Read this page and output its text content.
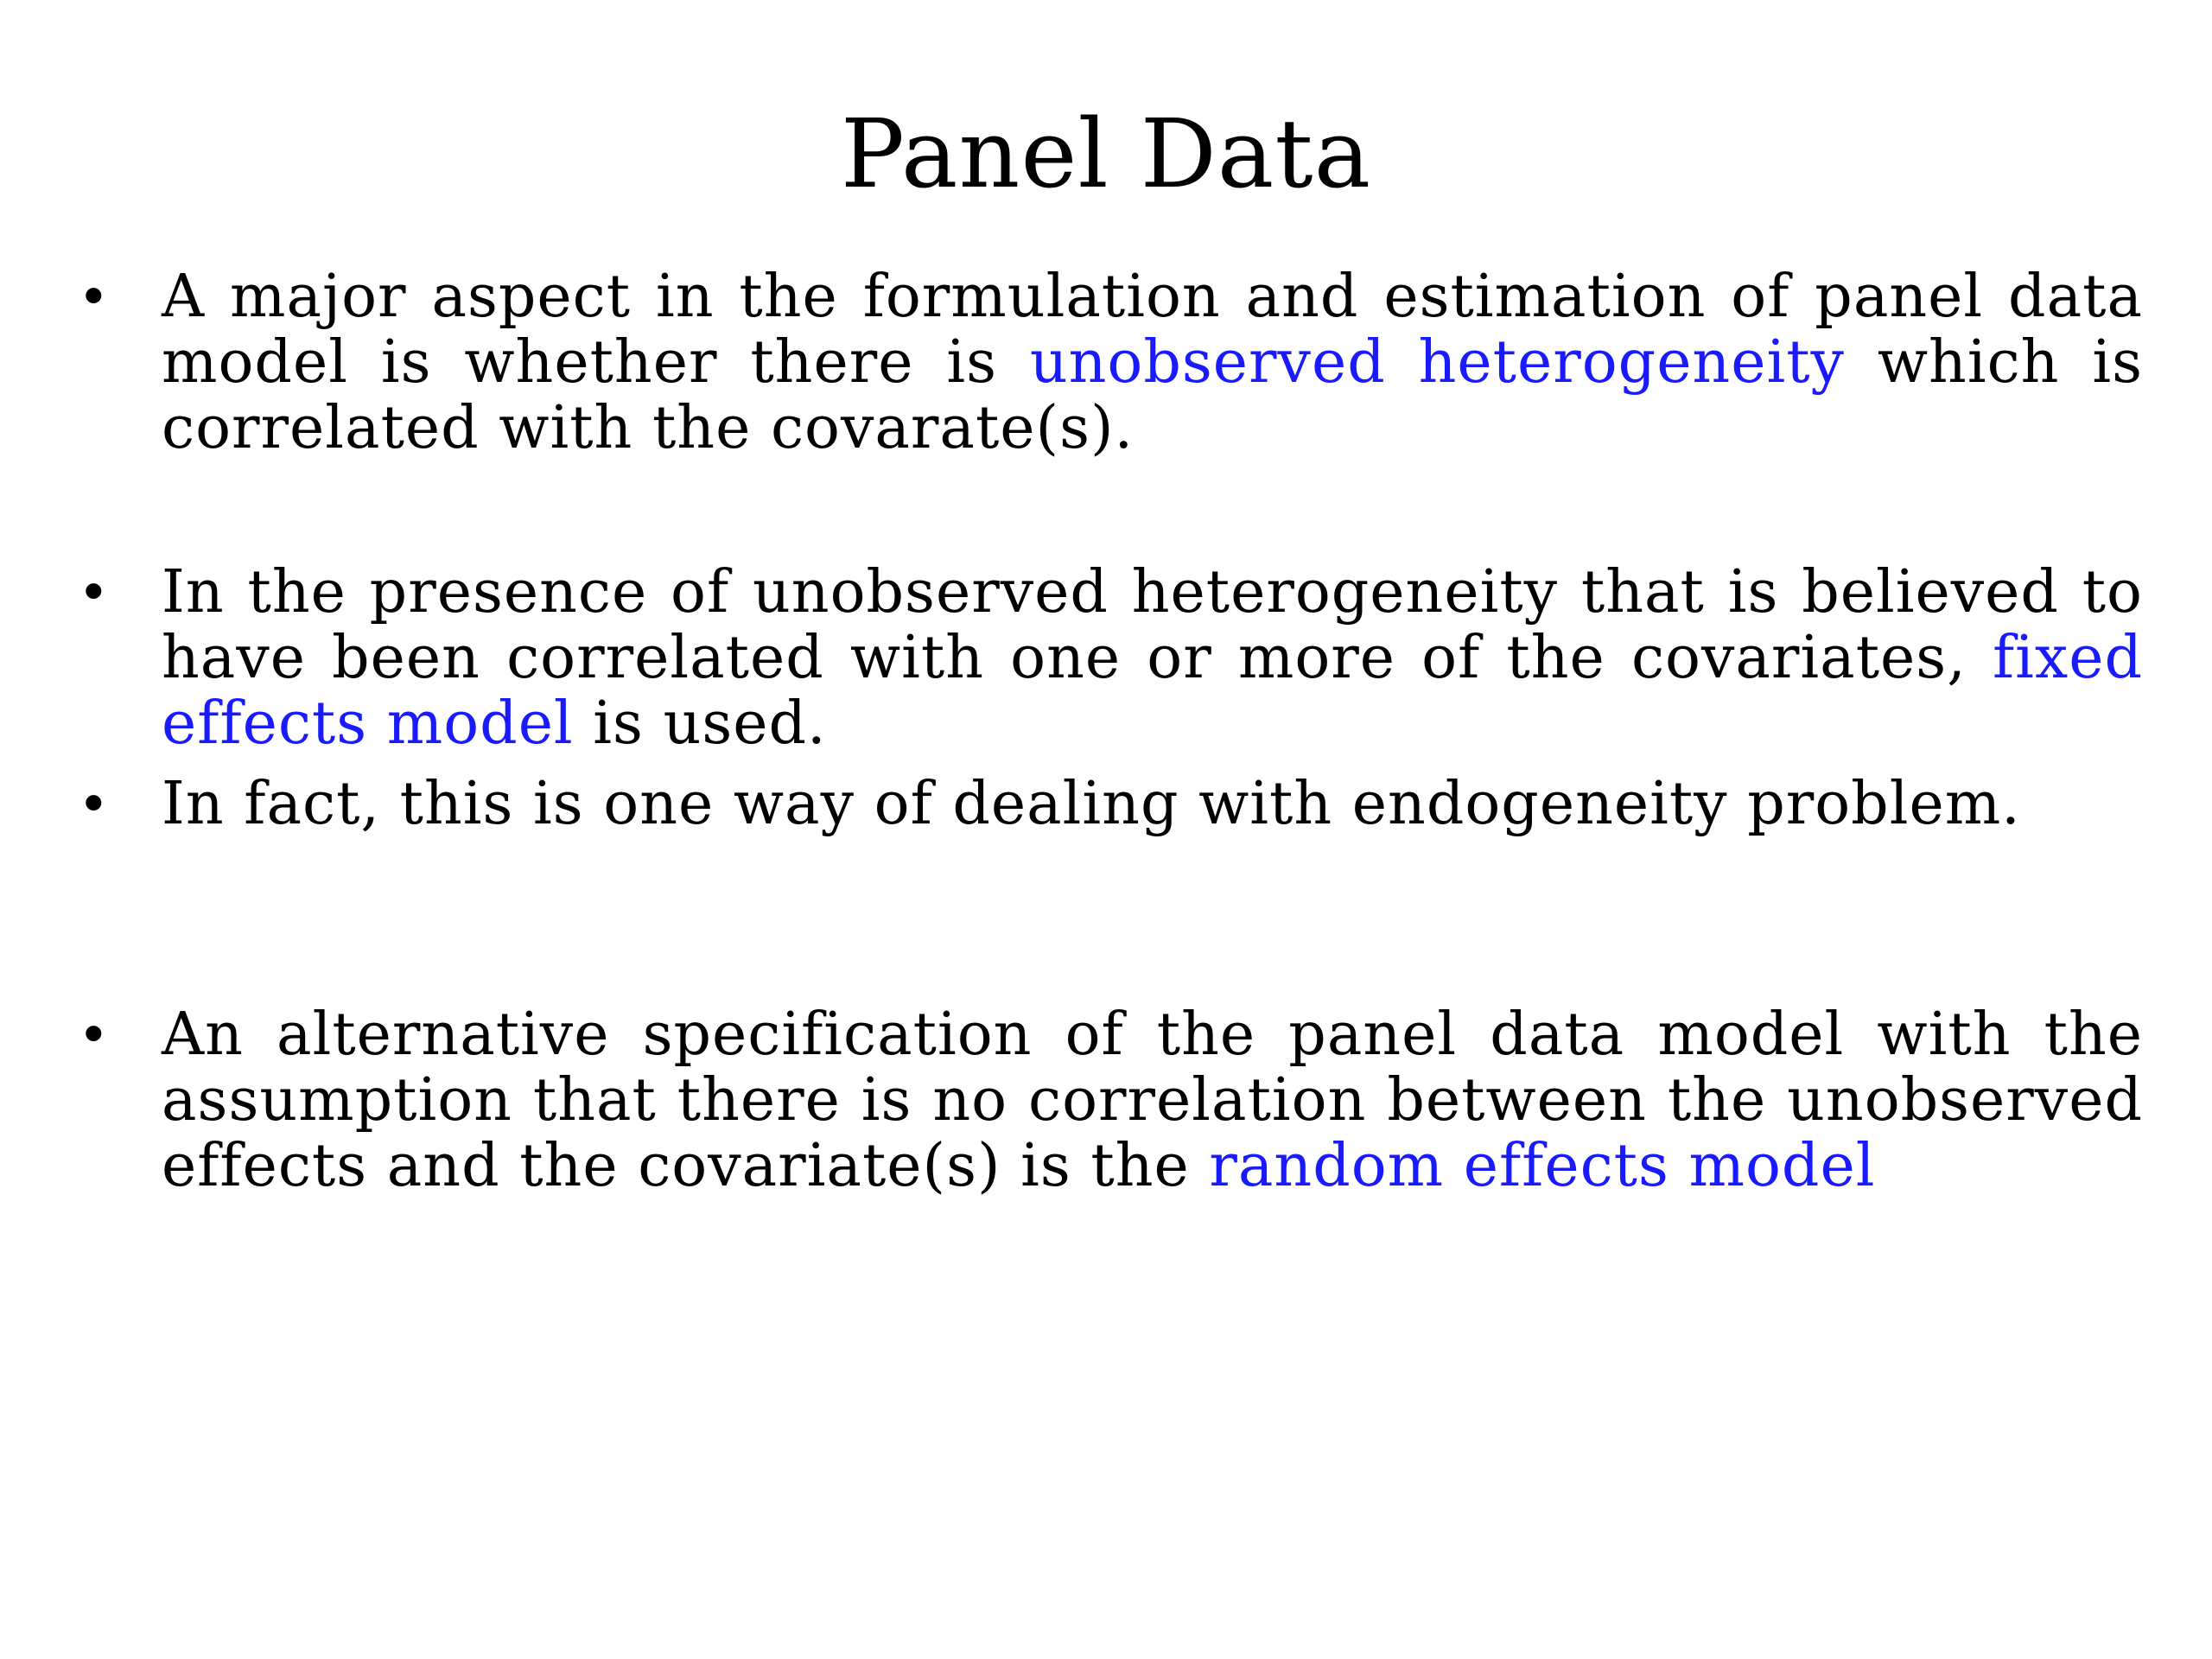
Panel Data
• A major aspect in the formulation and estimation of panel data model is whether there is unobserved heterogeneity which is correlated with the covarate(s).
• In the presence of unobserved heterogeneity that is believed to have been correlated with one or more of the covariates, fixed effects model is used.
• In fact, this is one way of dealing with endogeneity problem.
• An alternative specification of the panel data model with the assumption that there is no correlation between the unobserved effects and the covariate(s) is the random effects model
